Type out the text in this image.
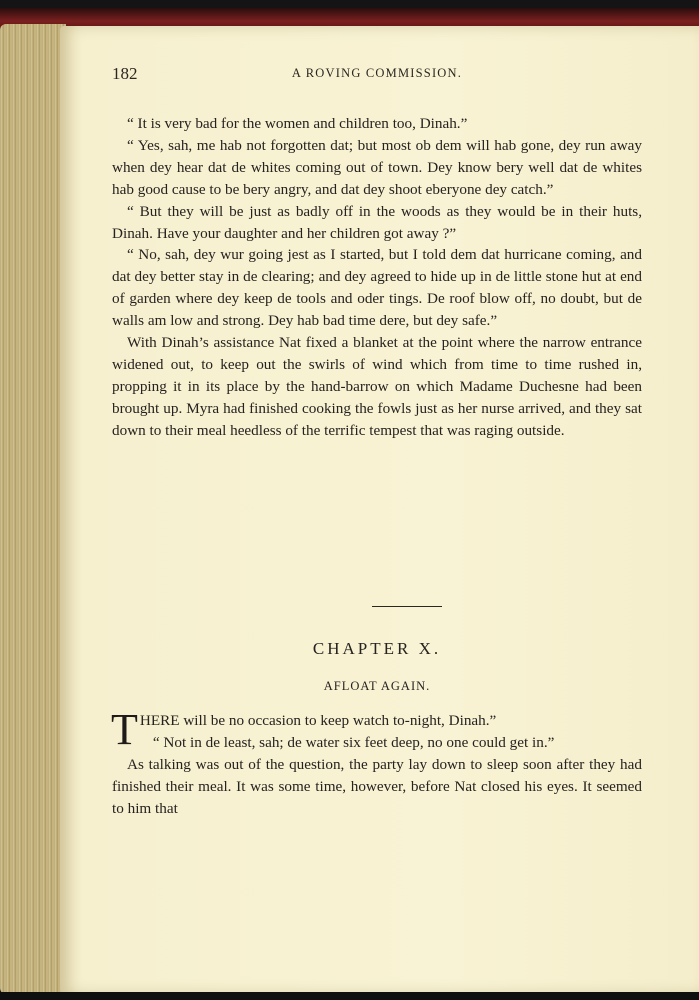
182	A ROVING COMMISSION.

“ It is very bad for the women and children too, Dinah.”

“ Yes, sah, me hab not forgotten dat; but most ob dem will hab gone, dey run away when dey hear dat de whites coming out of town. Dey know bery well dat de whites hab good cause to be bery angry, and dat dey shoot eberyone dey catch.”

“ But they will be just as badly off in the woods as they would be in their huts, Dinah. Have your daughter and her children got away ?”

“ No, sah, dey wur going jest as I started, but I told dem dat hurricane coming, and dat dey better stay in de clearing; and dey agreed to hide up in de little stone hut at end of garden where dey keep de tools and oder tings. De roof blow off, no doubt, but de walls am low and strong. Dey hab bad time dere, but dey safe.”

With Dinah’s assistance Nat fixed a blanket at the point where the narrow entrance widened out, to keep out the swirls of wind which from time to time rushed in, propping it in its place by the hand-barrow on which Madame Duchesne had been brought up. Myra had finished cooking the fowls just as her nurse arrived, and they sat down to their meal heedless of the terrific tempest that was raging outside.

CHAPTER X.
AFLOAT AGAIN.

THERE will be no occasion to keep watch to-night, Dinah.”

“ Not in de least, sah; de water six feet deep, no one could get in.”

As talking was out of the question, the party lay down to sleep soon after they had finished their meal. It was some time, however, before Nat closed his eyes. It seemed to him that
